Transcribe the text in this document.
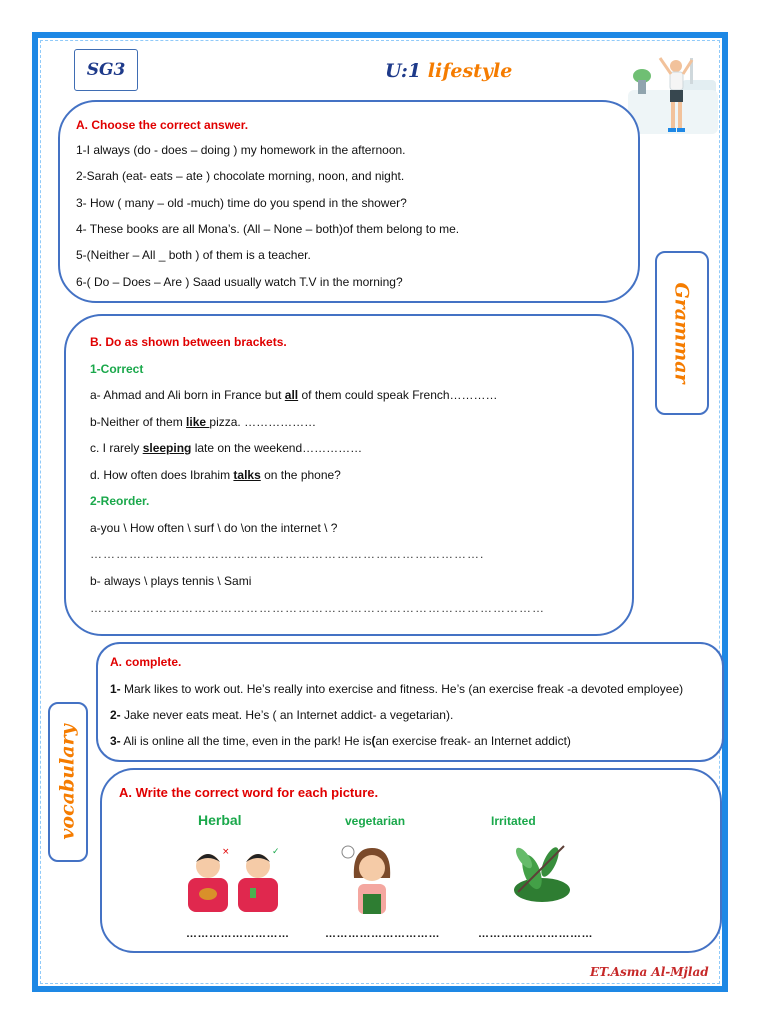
SG3	U:1 lifestyle
Grammar
A. Choose the correct answer.
1-I always (do - does – doing ) my homework in the afternoon.
2-Sarah (eat- eats – ate ) chocolate morning, noon, and night.
3- How ( many – old -much) time do you spend in the shower?
4- These books are all Mona’s. (All – None – both)of them belong to me.
5-(Neither – All _ both ) of them is a teacher.
6-( Do – Does – Are ) Saad usually watch T.V in the morning?
B. Do as shown between brackets.
1-Correct
a- Ahmad and Ali born in France but all of them could speak French…………
b-Neither of them like pizza. ………………
c. I rarely sleeping late on the weekend……………
d. How often does Ibrahim talks on the phone?
2-Reorder.
a-you \ How often \ surf \ do \on the internet \ ?
……………………………………………………………………………….
b- always \ plays tennis \ Sami
……………………………………………………………………………………………
vocabulary
A. complete.
1- Mark likes to work out. He’s really into exercise and fitness. He’s (an exercise freak -a devoted employee)
2- Jake never eats meat. He’s ( an Internet addict- a vegetarian).
3- Ali is online all the time, even in the park! He is(an exercise freak- an Internet addict)
A. Write the correct word for each picture.
Herbal	vegetarian	Irritated
×	✓
………………………	…………………………	…………………………
ET.Asma Al-Mjlad
